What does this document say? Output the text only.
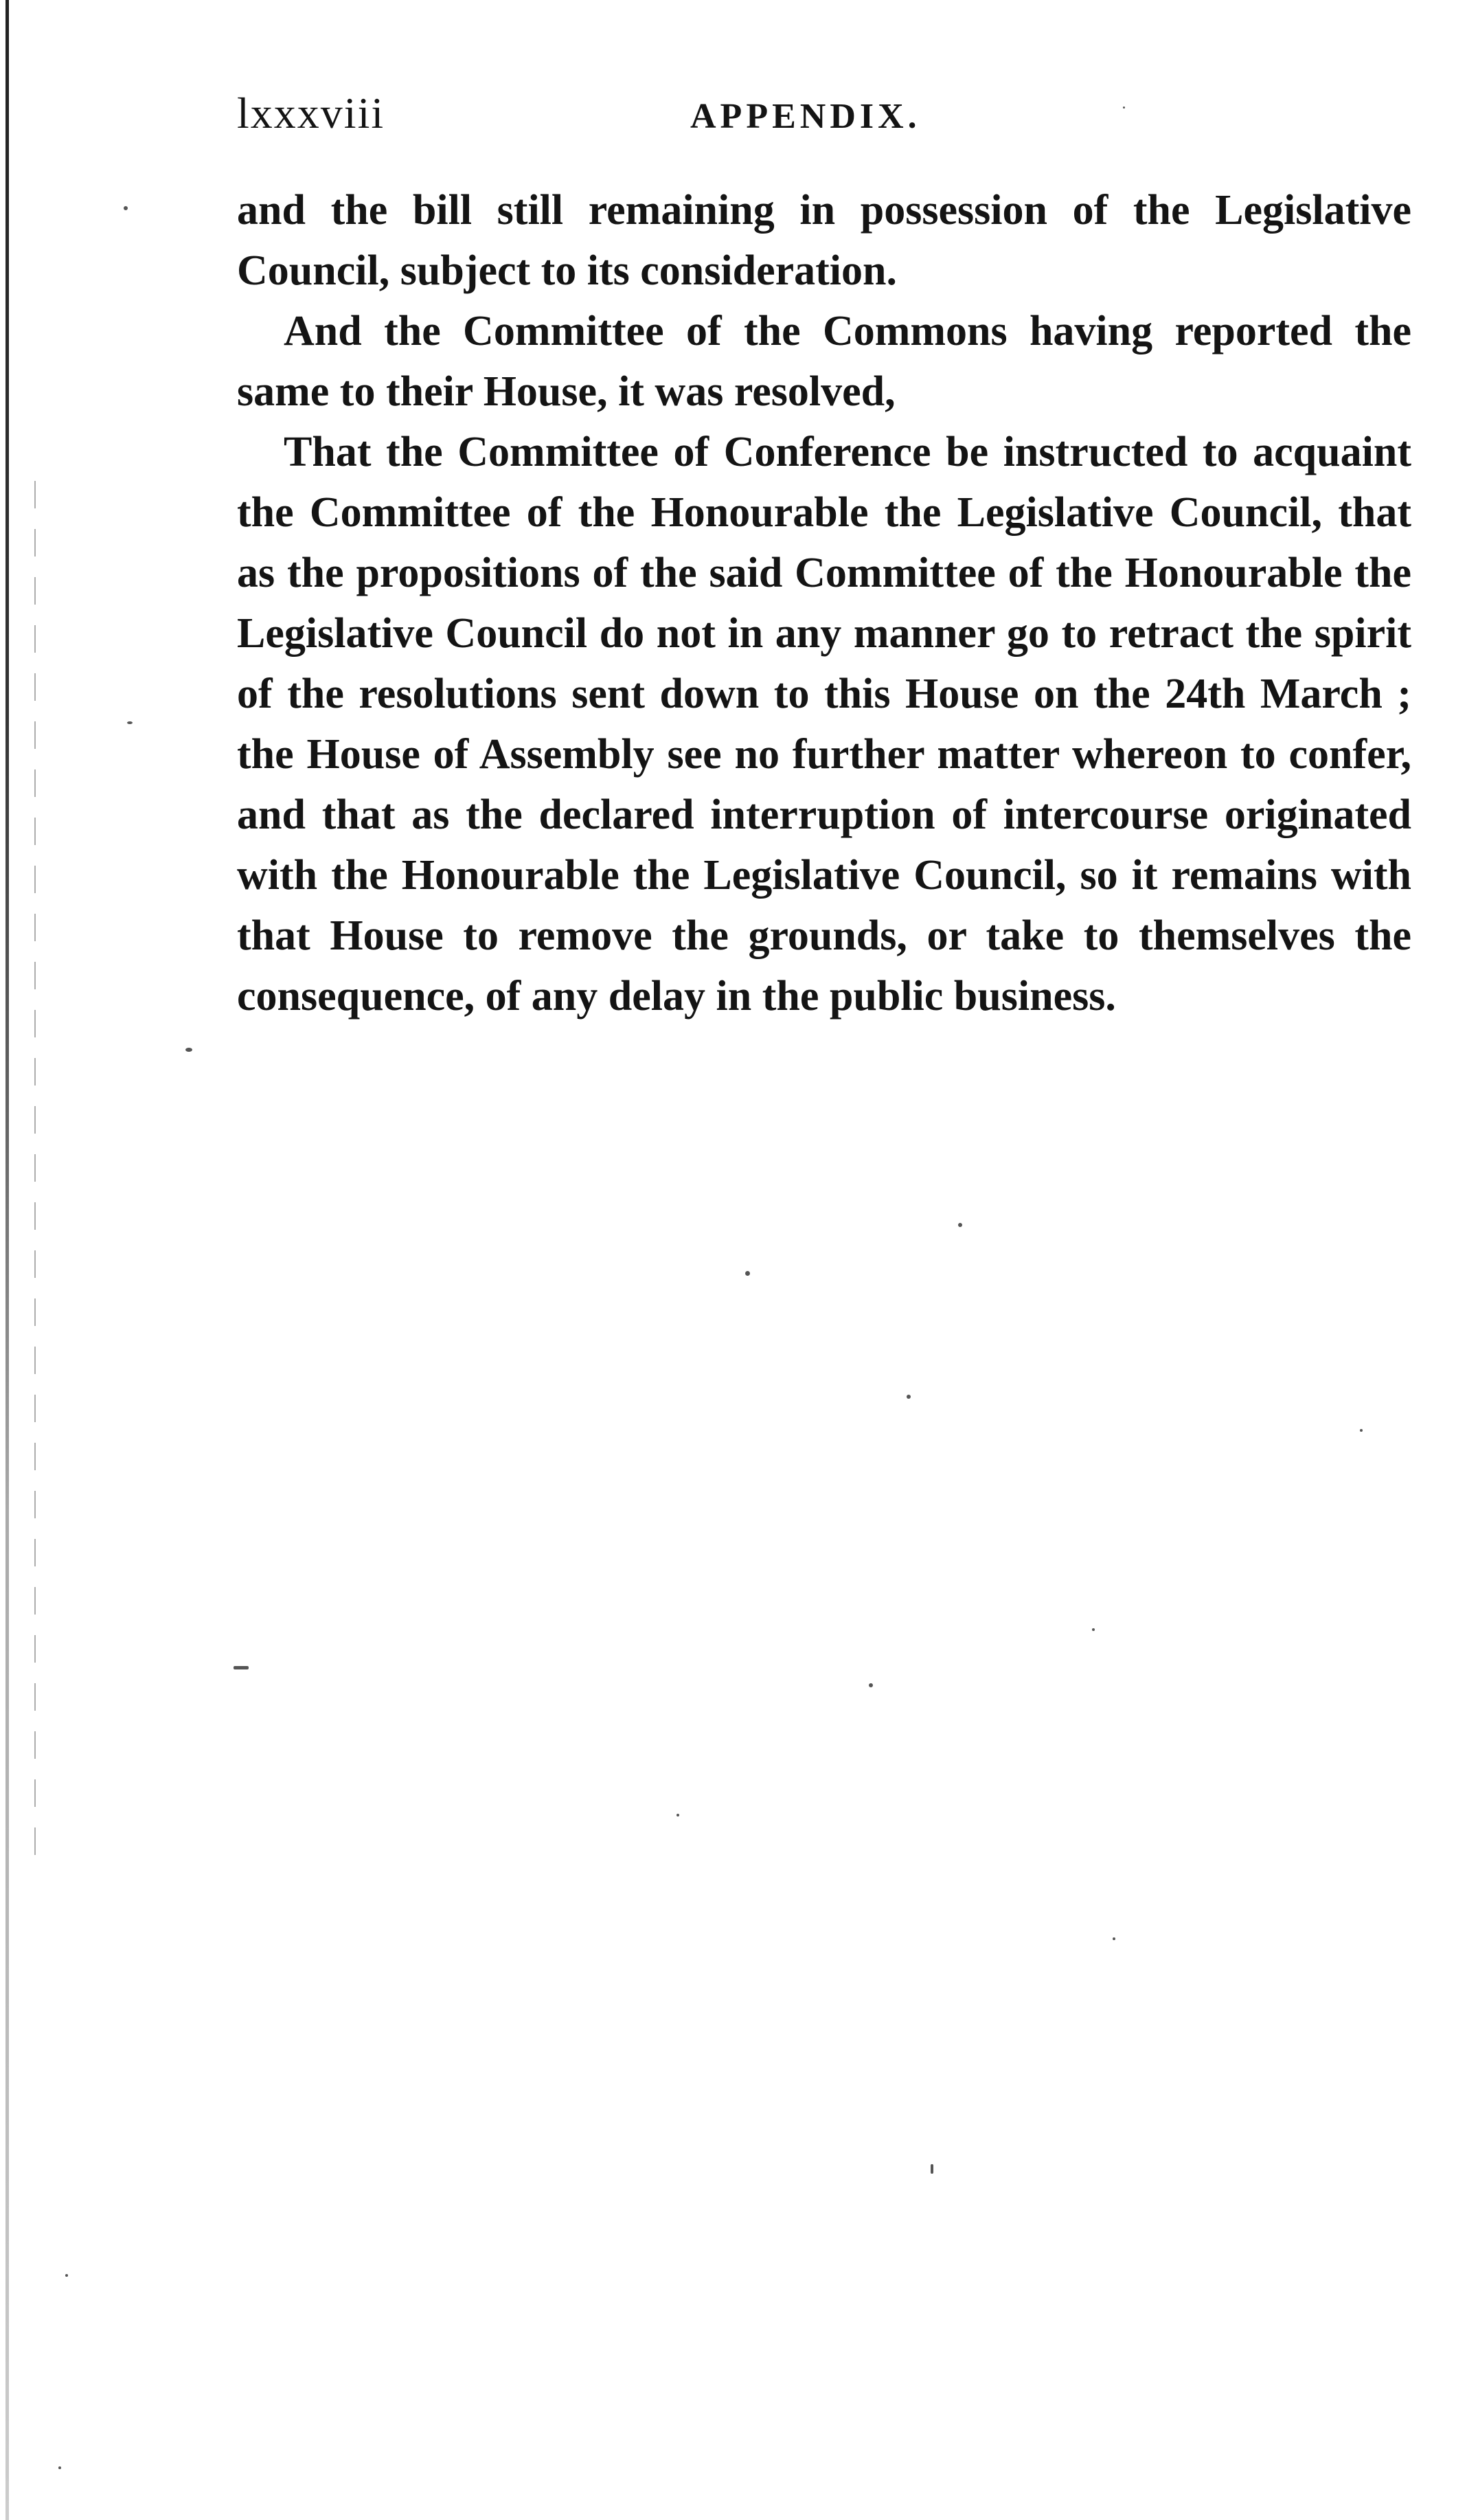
lxxxviii	APPENDIX.

and the bill still remaining in possession of the Legislative Council, subject to its consideration.

And the Committee of the Commons having reported the same to their House, it was resolved,

That the Committee of Conference be instructed to acquaint the Committee of the Honourable the Legislative Council, that as the propositions of the said Committee of the Honourable the Legislative Council do not in any manner go to retract the spirit of the resolutions sent down to this House on the 24th March ; the House of Assembly see no further matter whereon to confer, and that as the declared interruption of intercourse originated with the Honourable the Legislative Council, so it remains with that House to remove the grounds, or take to themselves the consequence, of any delay in the public business.
